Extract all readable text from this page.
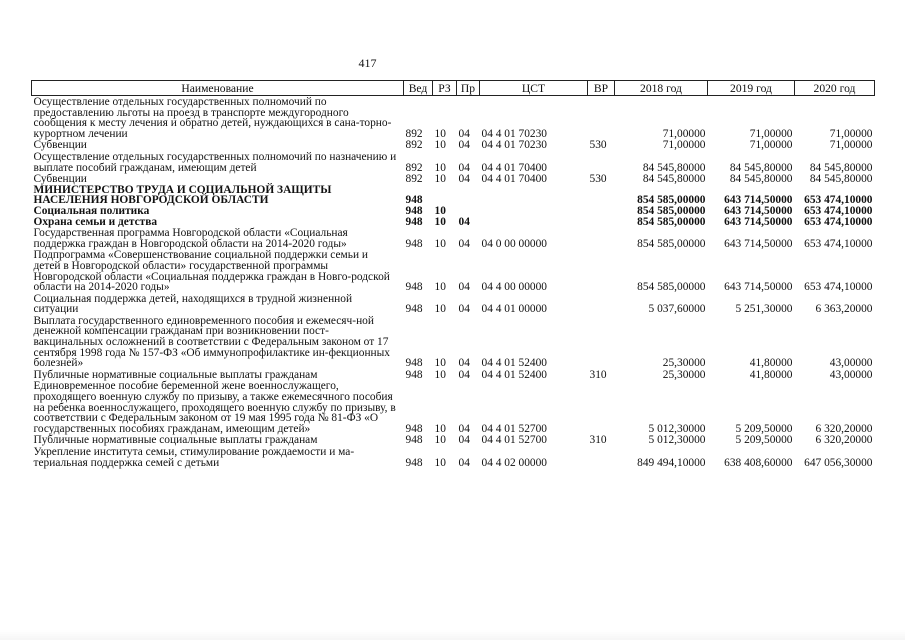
417
Наименование	Вед	РЗ	Пр	ЦСТ	ВР	2018 год	2019 год	2020 год
Осуществление отдельных государственных полномочий по предоставлению льготы на проезд в транспорте междугородного сообщения к месту лечения и обратно детей, нуждающихся в сана-торно-курортном лечении	892	10	04	04 4 01 70230		71,00000	71,00000	71,00000
Субвенции	892	10	04	04 4 01 70230	530	71,00000	71,00000	71,00000
Осуществление отдельных государственных полномочий по назначению и выплате пособий гражданам, имеющим детей	892	10	04	04 4 01 70400		84 545,80000	84 545,80000	84 545,80000
Субвенции	892	10	04	04 4 01 70400	530	84 545,80000	84 545,80000	84 545,80000
МИНИСТЕРСТВО ТРУДА И СОЦИАЛЬНОЙ ЗАЩИТЫ НАСЕЛЕНИЯ НОВГОРОДСКОЙ ОБЛАСТИ	948					854 585,00000	643 714,50000	653 474,10000
Социальная политика	948	10				854 585,00000	643 714,50000	653 474,10000
Охрана семьи и детства	948	10	04			854 585,00000	643 714,50000	653 474,10000
Государственная программа Новгородской области «Социальная поддержка граждан в Новгородской области на 2014-2020 годы»	948	10	04	04 0 00 00000		854 585,00000	643 714,50000	653 474,10000
Подпрограмма «Совершенствование социальной поддержки семьи и детей в Новгородской области» государственной программы Новгородской области «Социальная поддержка граждан в Новго-родской области на 2014-2020 годы»	948	10	04	04 4 00 00000		854 585,00000	643 714,50000	653 474,10000
Социальная поддержка детей, находящихся в трудной жизненной ситуации	948	10	04	04 4 01 00000		5 037,60000	5 251,30000	6 363,20000
Выплата государственного единовременного пособия и ежемесяч-ной денежной компенсации гражданам при возникновении пост-вакцинальных осложнений в соответствии с Федеральным законом от 17 сентября 1998 года № 157-ФЗ «Об иммунопрофилактике ин-фекционных болезней»	948	10	04	04 4 01 52400		25,30000	41,80000	43,00000
Публичные нормативные социальные выплаты гражданам	948	10	04	04 4 01 52400	310	25,30000	41,80000	43,00000
Единовременное пособие беременной жене военнослужащего, проходящего военную службу по призыву, а также ежемесячного пособия на ребенка военнослужащего, проходящего военную службу по призыву, в соответствии с Федеральным законом от 19 мая 1995 года № 81-ФЗ «О государственных пособиях гражданам, имеющим детей»	948	10	04	04 4 01 52700		5 012,30000	5 209,50000	6 320,20000
Публичные нормативные социальные выплаты гражданам	948	10	04	04 4 01 52700	310	5 012,30000	5 209,50000	6 320,20000
Укрепление института семьи, стимулирование рождаемости и ма-териальная поддержка семей с детьми	948	10	04	04 4 02 00000		849 494,10000	638 408,60000	647 056,30000
